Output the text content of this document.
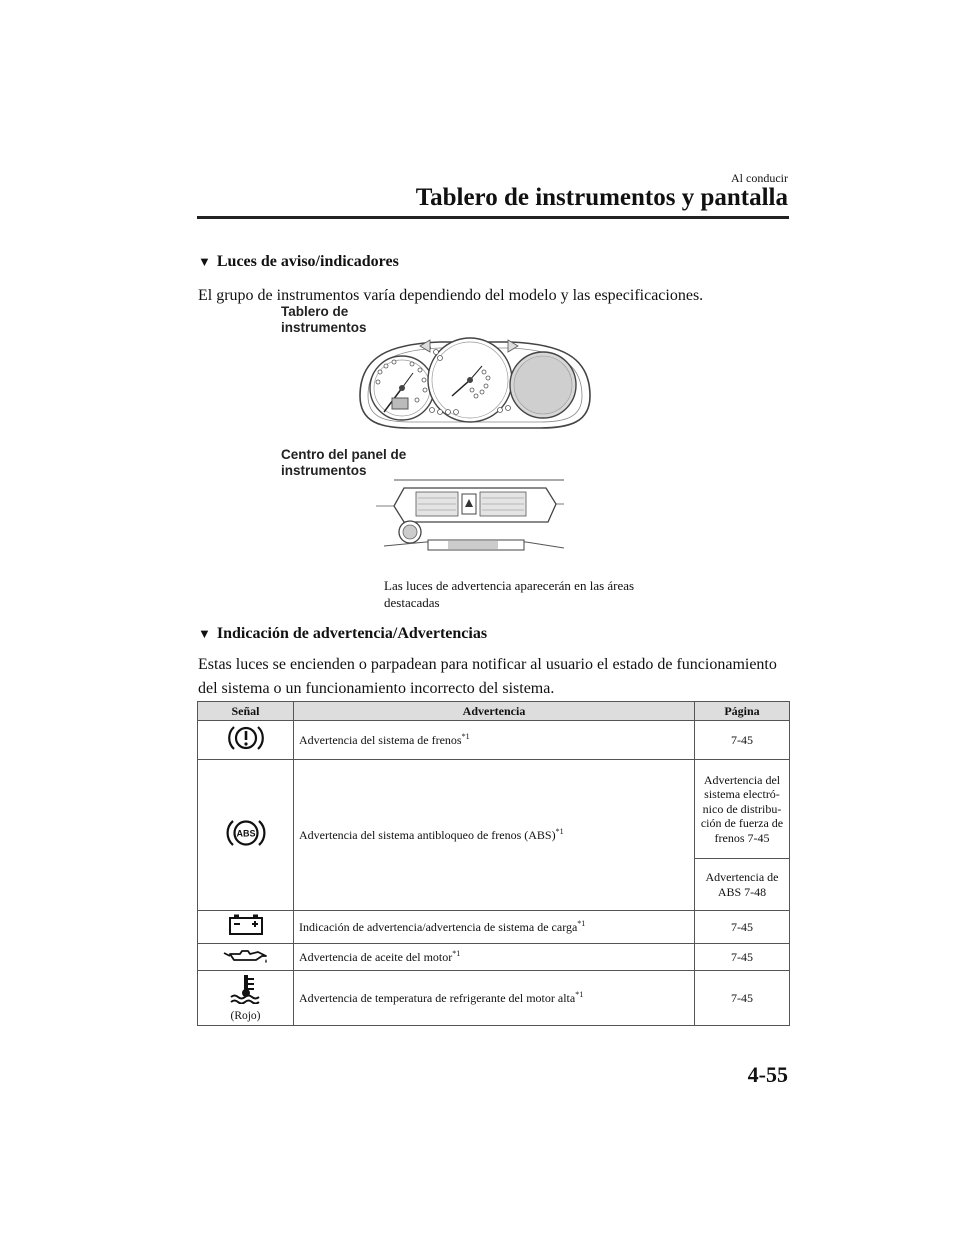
Al conducir
Tablero de instrumentos y pantalla
▼ Luces de aviso/indicadores
El grupo de instrumentos varía dependiendo del modelo y las especificaciones.
Tablero de instrumentos
Centro del panel de instrumentos
Las luces de advertencia aparecerán en las áreas destacadas
▼ Indicación de advertencia/Advertencias
Estas luces se encienden o parpadean para notificar al usuario el estado de funcionamiento del sistema o un funcionamiento incorrecto del sistema.
Señal	Advertencia	Página
	Advertencia del sistema de frenos$^{*1}$	7-45

ABS	Advertencia del sistema antibloqueo de frenos (ABS)$^{*1}$	Advertencia del sistema electró-nico de distribu-ción de fuerza de frenos 7-45
		Advertencia de ABS 7-48
	Indicación de advertencia/advertencia de sistema de carga$^{*1}$	7-45
	Advertencia de aceite del motor$^{*1}$	7-45

(Rojo)	Advertencia de temperatura de refrigerante del motor alta$^{*1}$	7-45
4-55
